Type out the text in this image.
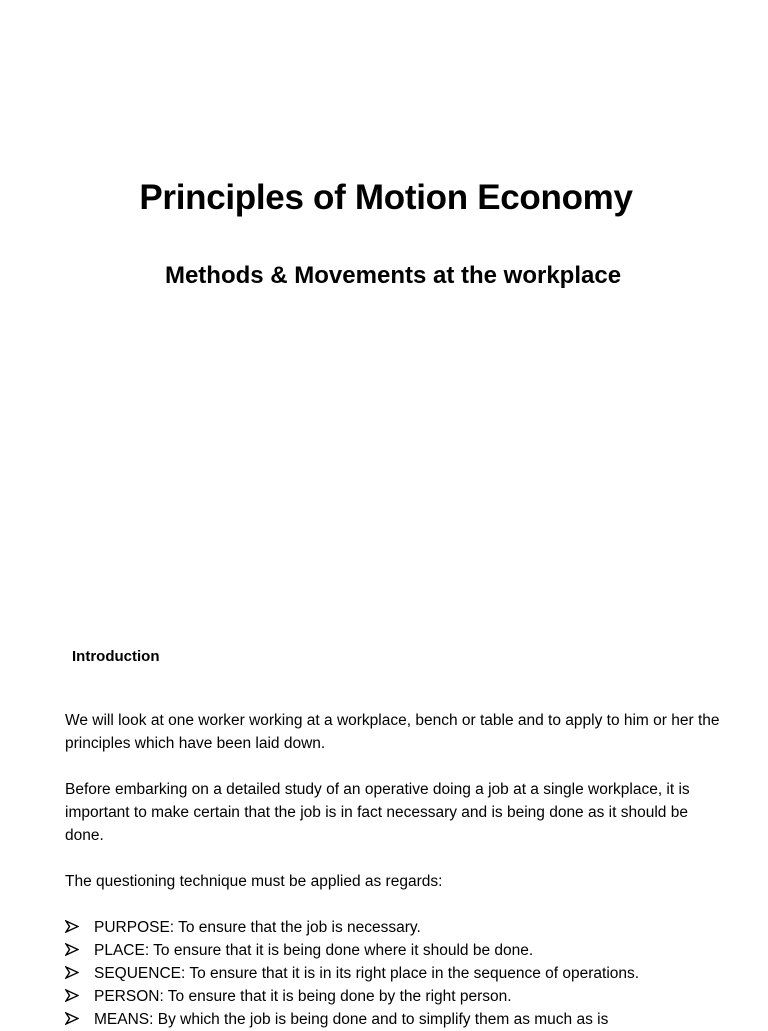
Principles of Motion Economy
Methods & Movements at the workplace
Introduction

We will look at one worker working at a workplace, bench or table and to apply to him or her the principles which have been laid down.

Before embarking on a detailed study of an operative doing a job at a single workplace, it is important to make certain that the job is in fact necessary and is being done as it should be done.

The questioning technique must be applied as regards:

PURPOSE: To ensure that the job is necessary.
PLACE: To ensure that it is being done where it should be done.
SEQUENCE: To ensure that it is in its right place in the sequence of operations.
PERSON: To ensure that it is being done by the right person.
MEANS: By which the job is being done and to simplify them as much as is
